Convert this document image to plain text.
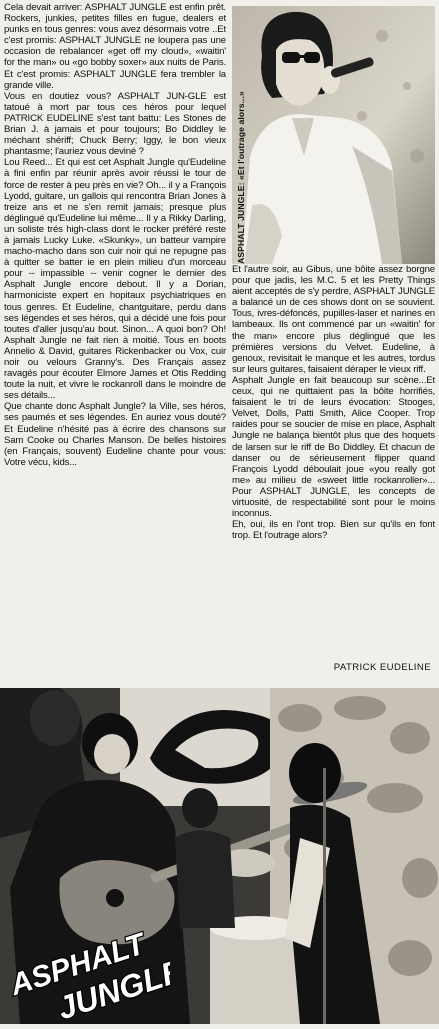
Cela devait arriver: ASPHALT JUNGLE est enfin prêt. Rockers, junkies, petites filles en fugue, dealers et punks en tous genres: vous avez désormais votre ..Et c'est promis: ASPHALT JUNGLE ne loupera pas une occasion de rebalancer «get off my cloud», «waitin' for the man» ou «go bobby soxer» aux nuits de Paris. Et c'est promis: ASPHALT JUNGLE fera trembler la grande ville.

Vous en doutiez vous? ASPHALT JUN-GLE est tatoué à mort par tous ces héros pour lequel PATRICK EUDELINE s'est tant battu: Les Stones de Brian J. à jamais et pour toujours; Bo Diddley le méchant shériff; Chuck Berry; Iggy, le bon vieux phantasme; l'auriez vous deviné ?

Lou Reed... Et qui est cet Asphalt Jungle qu'Eudeline à fini enfin par réunir après avoir réussi le tour de force de rester à peu près en vie? Oh... il y a François Lyodd, guitare, un gallois qui rencontra Brian Jones à treize ans et ne s'en remit jamais; presque plus déglingué qu'Eudeline lui même... Il y a Rikky Darling, un soliste trés high-class dont le rocker préféré reste à jamais Lucky Luke. «Skunky», un batteur vampire macho-macho dans son cuir noir qui ne repugne pas à quitter se batter ie en plein milieu d'un morceau pour -- impassible -- venir cogner le dernier des Asphalt Jungle encore debout. Il y a Dorian, harmoniciste expert en hopitaux psychiatriques en tous genres. Et Eudeline, chantguitare, perdu dans ses légendes et ses héros, qui a décidé une fois pour toutes d'aller jusqu'au bout. Sinon... A quoi bon? Oh! Asphalt Jungle ne fait rien à moitié. Tous en boots Annelio & David, guitares Rickenbacker ou Vox, cuir noir ou velours Granny's. Des Français assez ravagés pour écouter Elmore James et Otis Redding toute la nuit, et vivre le rockanroll dans le moindre de ses détails...

Que chante donc Asphalt Jungle? la Ville, ses héros, ses paumés et ses légendes. En auriez vous douté? Et Eudeline n'hésité pas à écrire des chansons sur Sam Cooke ou Charles Manson. De belles histoires (en Français, souvent) Eudeline chante pour vous: Votre vécu, kids...

ASPHALT JUNGLE: «Et l'outrage alors...»

Et l'autre soir, au Gibus, une bôite assez borgne pour que jadis, les M.C. 5 et les Pretty Things aient acceptés de s'y perdre, ASPHALT JUNGLE a balancé un de ces shows dont on se souvient. Tous, ivres-défoncés, pupilles-laser et narines en lambeaux. Ils ont commencé par un «waitin' for the man» encore plus déglingué que les prémières versions du Velvet. Eudeline, à genoux, revisitait le manque et les autres, tordus sur leurs guitares, faisaient déraper le vieux riff.

Asphalt Jungle en fait beaucoup sur scène...Et ceux, qui ne quittaient pas la bôite horrifiés, faisaient le tri de leurs évocation: Stooges, Velvet, Dolls, Patti Smith, Alice Cooper. Trop raides pour se soucier de mise en place, Asphalt Jungle ne balança bientôt plus que des hoquets de larsen sur le riff de Bo Diddley. Et chacun de danser ou de sérieusement flipper quand François Lyodd déboulait joue «you really got me» au milieu de «sweet little rockanroller»... Pour ASPHALT JUNGLE, les concepts de virtuosité, de respectabilité sont pour le moins inconnus.

Eh, oui, ils en l'ont trop. Bien sur qu'ils en font trop. Et l'outrage alors?

PATRICK EUDELINE
ASPHALT
JUNGLE
